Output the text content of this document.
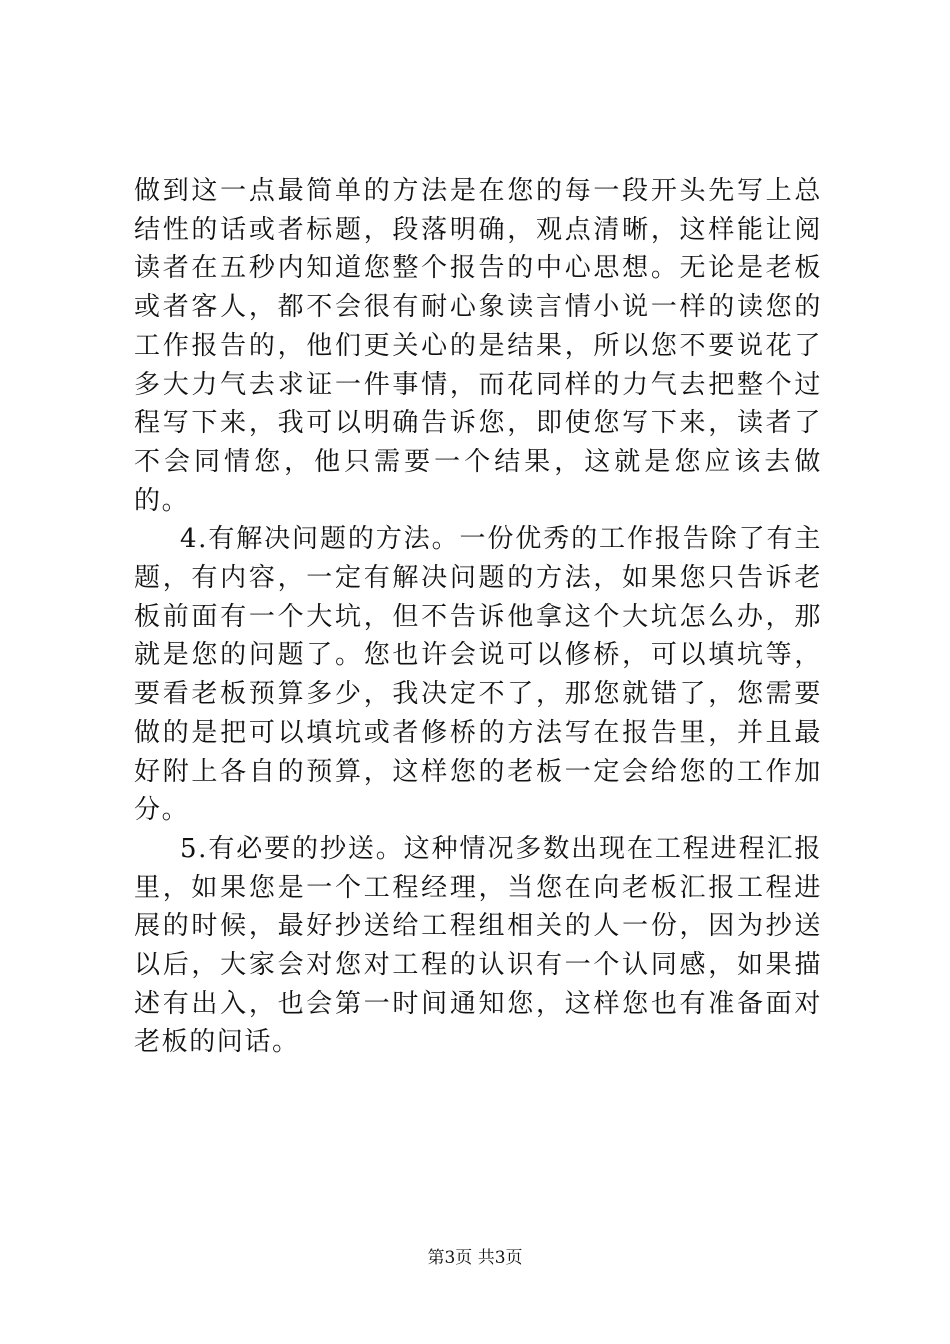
做到这一点最简单的方法是在您的每一段开头先写上总结性的话或者标题，段落明确，观点清晰，这样能让阅读者在五秒内知道您整个报告的中心思想。无论是老板或者客人，都不会很有耐心象读言情小说一样的读您的工作报告的，他们更关心的是结果，所以您不要说花了多大力气去求证一件事情，而花同样的力气去把整个过程写下来，我可以明确告诉您，即使您写下来，读者了不会同情您，他只需要一个结果，这就是您应该去做的。

4.有解决问题的方法。一份优秀的工作报告除了有主题，有内容，一定有解决问题的方法，如果您只告诉老板前面有一个大坑，但不告诉他拿这个大坑怎么办，那就是您的问题了。您也许会说可以修桥，可以填坑等，要看老板预算多少，我决定不了，那您就错了，您需要做的是把可以填坑或者修桥的方法写在报告里，并且最好附上各自的预算，这样您的老板一定会给您的工作加分。

5.有必要的抄送。这种情况多数出现在工程进程汇报里，如果您是一个工程经理，当您在向老板汇报工程进展的时候，最好抄送给工程组相关的人一份，因为抄送以后，大家会对您对工程的认识有一个认同感，如果描述有出入，也会第一时间通知您，这样您也有准备面对老板的问话。

第3页 共3页
